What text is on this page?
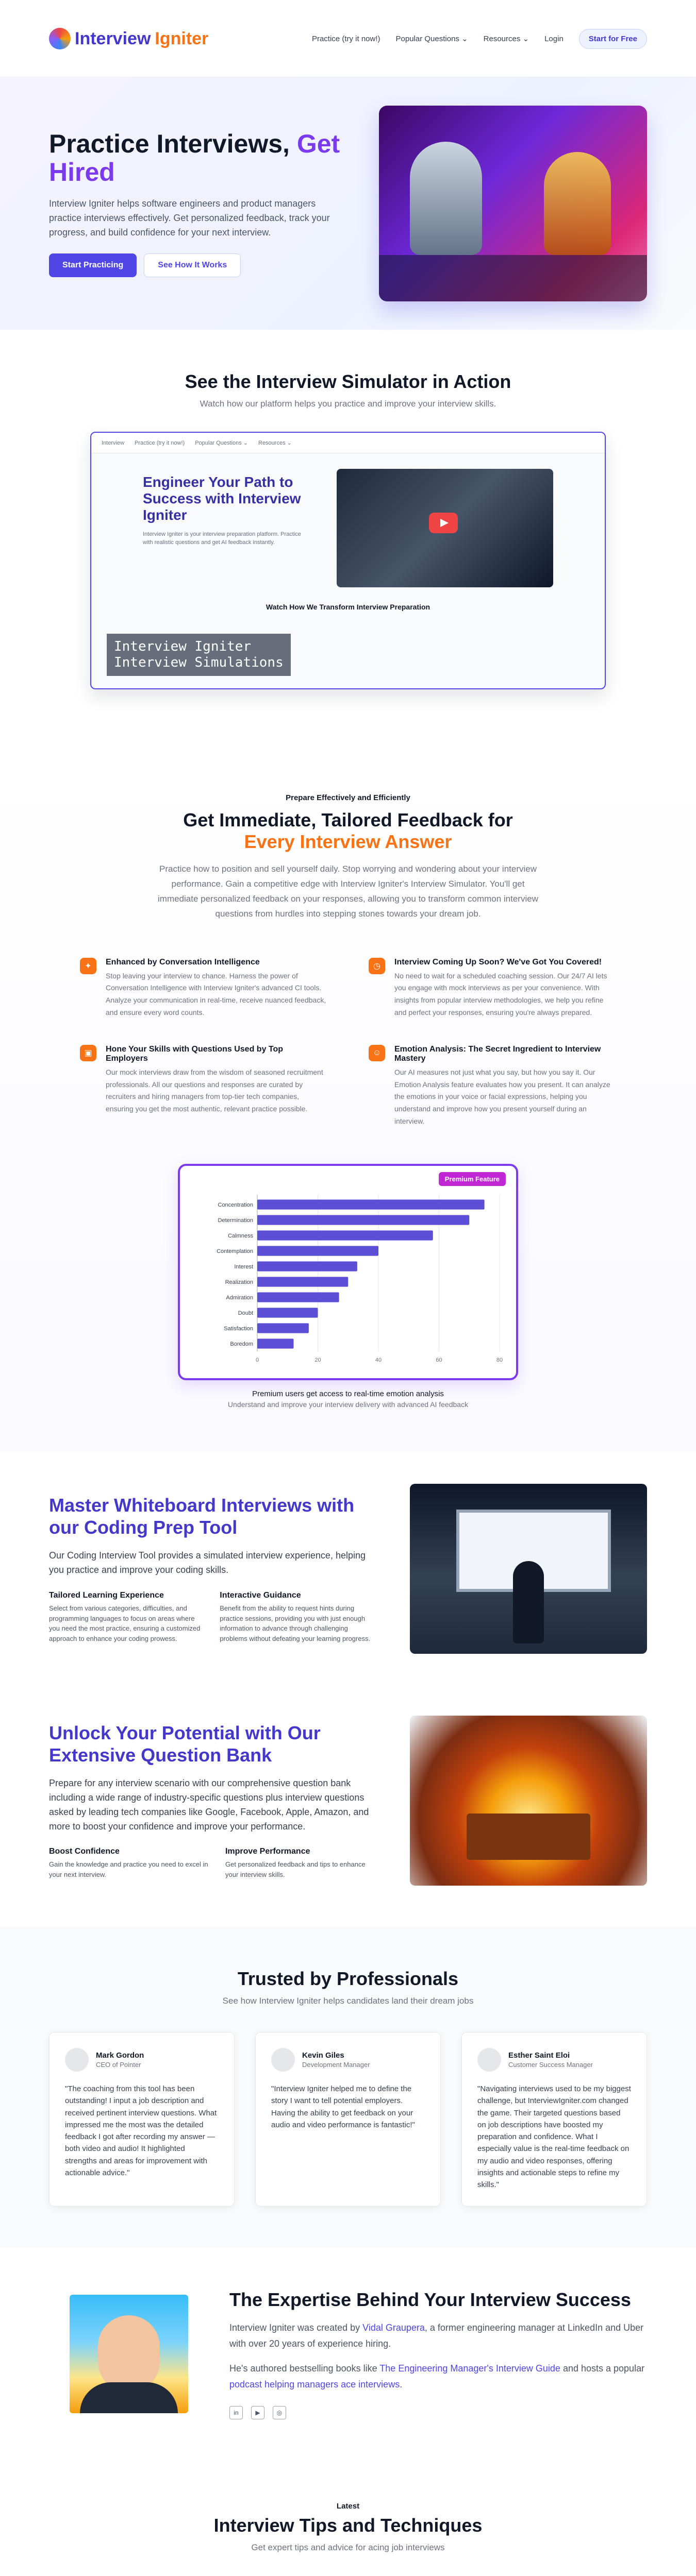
Interview Igniter	Practice (try it now!) Popular Questions ⌄ Resources ⌄ Login	Start for Free
Practice Interviews, Get Hired

Interview Igniter helps software engineers and product managers practice interviews effectively. Get personalized feedback, track your progress, and build confidence for your next interview.

Start Practicing	See How It Works
See the Interview Simulator in Action
Watch how our platform helps you practice and improve your interview skills.
Interview Practice (try it now!) Popular Questions ⌄ Resources ⌄
Engineer Your Path to Success with Interview Igniter

Interview Igniter is your interview preparation platform. Practice with realistic questions and get AI feedback instantly.

Watch How We Transform Interview Preparation
Interview Igniter
Interview Simulations
Prepare Effectively and Efficiently
Get Immediate, Tailored Feedback for
Every Interview Answer
Practice how to position and sell yourself daily. Stop worrying and wondering about your interview performance. Gain a competitive edge with Interview Igniter's Interview Simulator. You'll get immediate personalized feedback on your responses, allowing you to transform common interview questions from hurdles into stepping stones towards your dream job.
✦	Enhanced by Conversation Intelligence

Stop leaving your interview to chance. Harness the power of Conversation Intelligence with Interview Igniter's advanced CI tools. Analyze your communication in real-time, receive nuanced feedback, and ensure every word counts.

◷	Interview Coming Up Soon? We've Got You Covered!

No need to wait for a scheduled coaching session. Our 24/7 AI lets you engage with mock interviews as per your convenience. With insights from popular interview methodologies, we help you refine and perfect your responses, ensuring you're always prepared.

▣	Hone Your Skills with Questions Used by Top Employers

Our mock interviews draw from the wisdom of seasoned recruitment professionals. All our questions and responses are curated by recruiters and hiring managers from top-tier tech companies, ensuring you get the most authentic, relevant practice possible.

☺	Emotion Analysis: The Secret Ingredient to Interview Mastery

Our AI measures not just what you say, but how you say it. Our Emotion Analysis feature evaluates how you present. It can analyze the emotions in your voice or facial expressions, helping you understand and improve how you present yourself during an interview.

Premium Feature
0	20	40	60	80
Concentration
Determination
Calmness
Contemplation
Interest
Realization
Admiration
Doubt
Satisfaction
Boredom
Premium users get access to real-time emotion analysis
Understand and improve your interview delivery with advanced AI feedback
Master Whiteboard Interviews with our Coding Prep Tool
Our Coding Interview Tool provides a simulated interview experience, helping you practice and improve your coding skills.
Tailored Learning Experience

Select from various categories, difficulties, and programming languages to focus on areas where you need the most practice, ensuring a customized approach to enhance your coding prowess.

Interactive Guidance

Benefit from the ability to request hints during practice sessions, providing you with just enough information to advance through challenging problems without defeating your learning progress.

Unlock Your Potential with Our Extensive Question Bank
Prepare for any interview scenario with our comprehensive question bank including a wide range of industry-specific questions plus interview questions asked by leading tech companies like Google, Facebook, Apple, Amazon, and more to boost your confidence and improve your performance.
Boost Confidence

Gain the knowledge and practice you need to excel in your next interview.

Improve Performance

Get personalized feedback and tips to enhance your interview skills.

Trusted by Professionals
See how Interview Igniter helps candidates land their dream jobs
Mark Gordon
CEO of Pointer
"The coaching from this tool has been outstanding! I input a job description and received pertinent interview questions. What impressed me the most was the detailed feedback I got after recording my answer — both video and audio! It highlighted strengths and areas for improvement with actionable advice."
Kevin Giles
Development Manager
"Interview Igniter helped me to define the story I want to tell potential employers. Having the ability to get feedback on your audio and video performance is fantastic!"
Esther Saint Eloi
Customer Success Manager
"Navigating interviews used to be my biggest challenge, but InterviewIgniter.com changed the game. Their targeted questions based on job descriptions have boosted my preparation and confidence. What I especially value is the real-time feedback on my audio and video responses, offering insights and actionable steps to refine my skills."
The Expertise Behind Your Interview Success
Interview Igniter was created by Vidal Graupera, a former engineering manager at LinkedIn and Uber with over 20 years of experience hiring.
He's authored bestselling books like The Engineering Manager's Interview Guide and hosts a popular podcast helping managers ace interviews.
in	▶	◎
Latest
Interview Tips and Techniques
Get expert tips and advice for acing job interviews
